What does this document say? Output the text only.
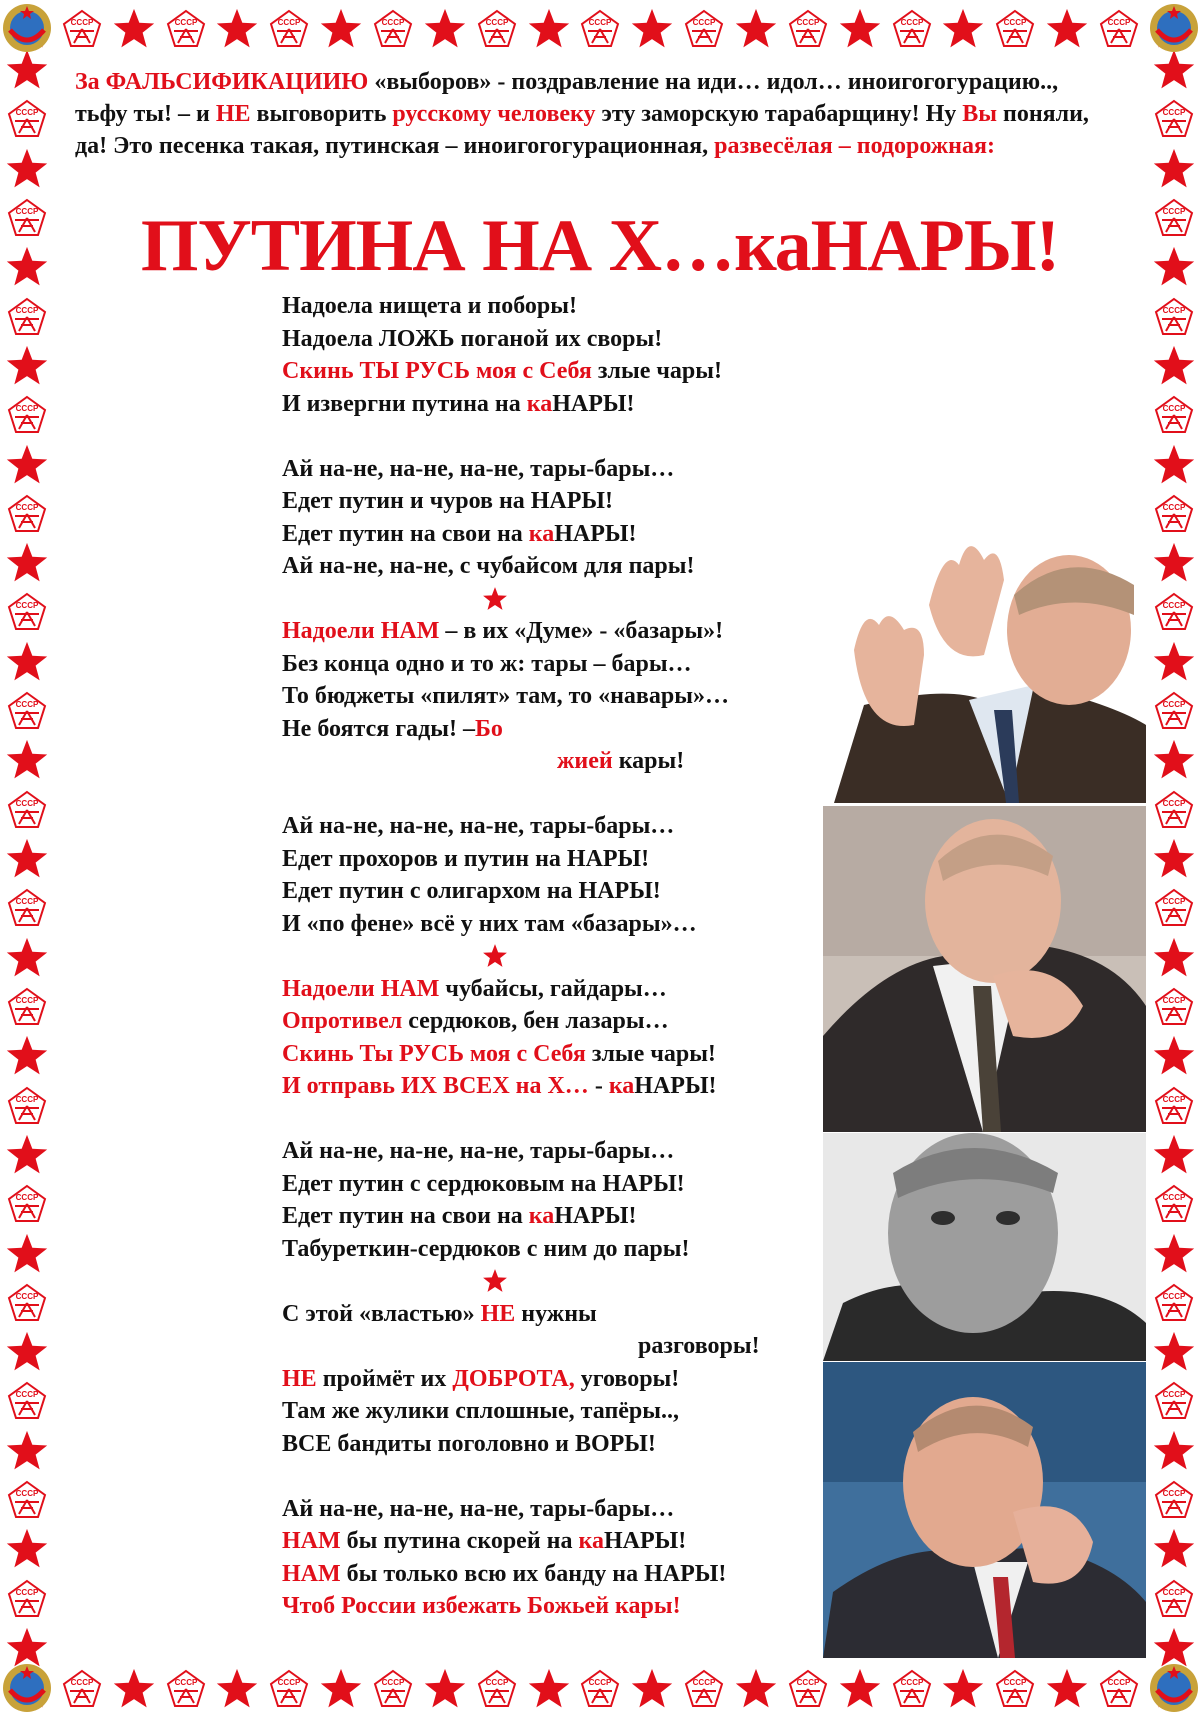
СССР	СССР	СССР	СССР	СССР	СССР	СССР	СССР	СССР	СССР	СССР
СССР	СССР	СССР	СССР	СССР	СССР	СССР	СССР	СССР	СССР	СССР
СССР
СССР
СССР
СССР
СССР
СССР
СССР
СССР
СССР
СССР
СССР
СССР
СССР
СССР
СССР
СССР
СССР
СССР
СССР
СССР
СССР
СССР
СССР
СССР
СССР
СССР
СССР
СССР
СССР
СССР
СССР
СССР
За ФАЛЬСИФИКАЦИИЮ «выборов» - поздравление на иди… идол… иноигогогурацию.., тьфу ты! – и НЕ выговорить русскому человеку эту заморскую тарабарщину! Ну Вы поняли, да! Это песенка такая, путинская – иноигогогурационная, развесёлая – подорожная:
ПУТИНА НА Х…каНАРЫ!
Надоела нищета и поборы!
Надоела ЛОЖЬ поганой их своры!
Скинь ТЫ РУСЬ моя с Себя злые чары!
И извергни путина на каНАРЫ!
Ай на-не, на-не, на-не, тары-бары…
Едет путин и чуров на НАРЫ!
Едет путин на свои на каНАРЫ!
Ай на-не, на-не, с чубайсом для пары!
Надоели НАМ – в их «Думе» - «базары»!
Без конца одно и то ж: тары – бары…
То бюджеты «пилят» там, то «навары»…
Не боятся гады! –Бо
жией кары!
Ай на-не, на-не, на-не, тары-бары…
Едет прохоров и путин на НАРЫ!
Едет путин с олигархом на НАРЫ!
И «по фене» всё у них там «базары»…
Надоели НАМ чубайсы, гайдары…
Опротивел сердюков, бен лазары…
Скинь Ты РУСЬ моя с Себя злые чары!
И отправь ИХ ВСЕХ на Х… - каНАРЫ!
Ай на-не, на-не, на-не, тары-бары…
Едет путин с сердюковым на НАРЫ!
Едет путин на свои на каНАРЫ!
Табуреткин-сердюков с ним до пары!
С этой «властью» НЕ нужны
разговоры!
НЕ проймёт их ДОБРОТА, уговоры!
Там же жулики сплошные, тапёры..,
ВСЕ бандиты поголовно и ВОРЫ!
Ай на-не, на-не, на-не, тары-бары…
НАМ бы путина скорей на каНАРЫ!
НАМ бы только всю их банду на НАРЫ!
Чтоб России избежать Божьей кары!
